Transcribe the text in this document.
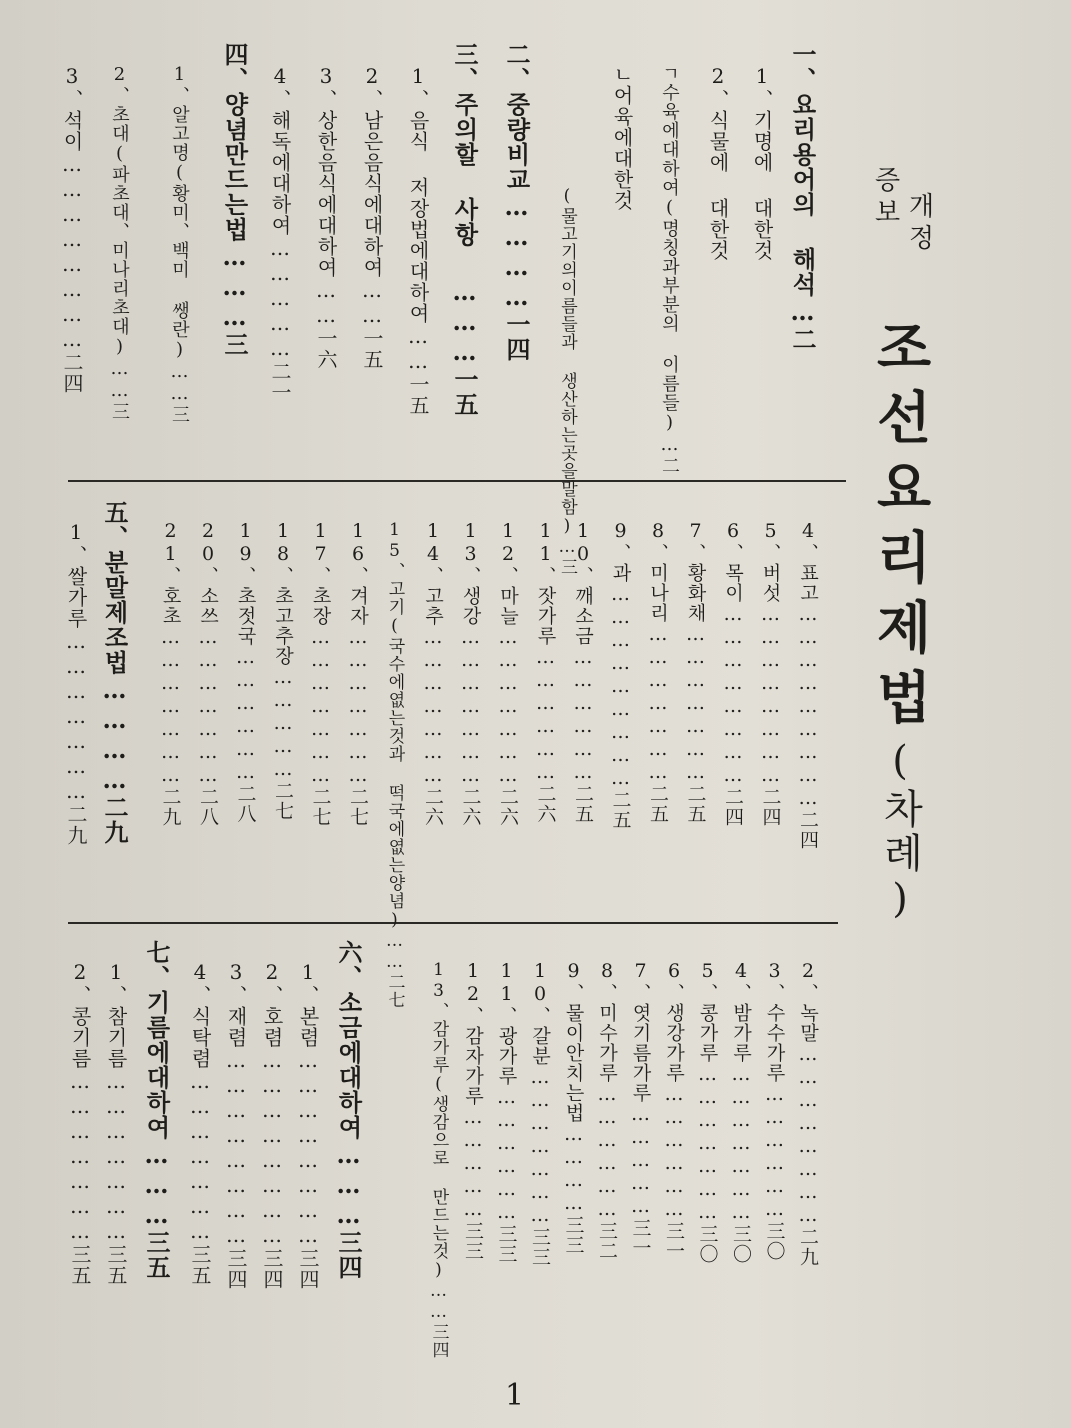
개정
증보
조선요리제법(차례)
一、요리용어의 해석…二
1、기명에 대한것
2、식물에 대한것
ㄱ수육에대하여(명칭과부분의 이름들)…二
ㄴ어육에대한것
二、중량비교…………一四 (물고기의이름들과 생산하는곳을말함)…三
三、주의할 사항 ………一五
1、음식 저장법에대하여……一五
2、남은음식에대하여……一五
3、상한음식에대하여……一六
4、해독에대하여……………二一
四、양념만드는법………三
1、알고명(황미、백미 쌩란)……三
2、초대(파초대、미나리초대)……三
3、석이……………………二四
五、분말제조법…………二九
1、쌀가루…………………二九
六、소금에대하여………三四
1、본렴……………………三四
2、호렴……………………三四
3、재렴……………………三四
4、식탁렴…………………三五
七、기름에대하여………三五
1、참기름…………………三五
2、콩기름…………………三五
1
4、표고………………………二四
5、버섯……………………二四
6、목이……………………二四
7、황화채…………………二五
8、미나리…………………二五
9、과………………………二五
10、깨소금………………二五
11、잣가루………………二六
12、마늘…………………二六
13、생강…………………二六
14、고추…………………二六
15、고기(국수에엾는것과 떡국에엾는양념)……二七
16、겨자…………………二七
17、초장…………………二七
18、초고추장……………二七
19、초젓국………………二八
20、소쓰…………………二八
21、호초…………………二九
2、녹말……………………二九
3、수수가루………………三〇
4、밤가루…………………三〇
5、콩가루…………………三〇
6、생강가루………………三一
7、엿기름가루……………三一
8、미수가루………………三二
9、물이안치는법…………三三
10、갈분…………………三三
11、광가루………………三三
12、감자가루……………三三
13、감가루(생감으로 만드는것)……三四
